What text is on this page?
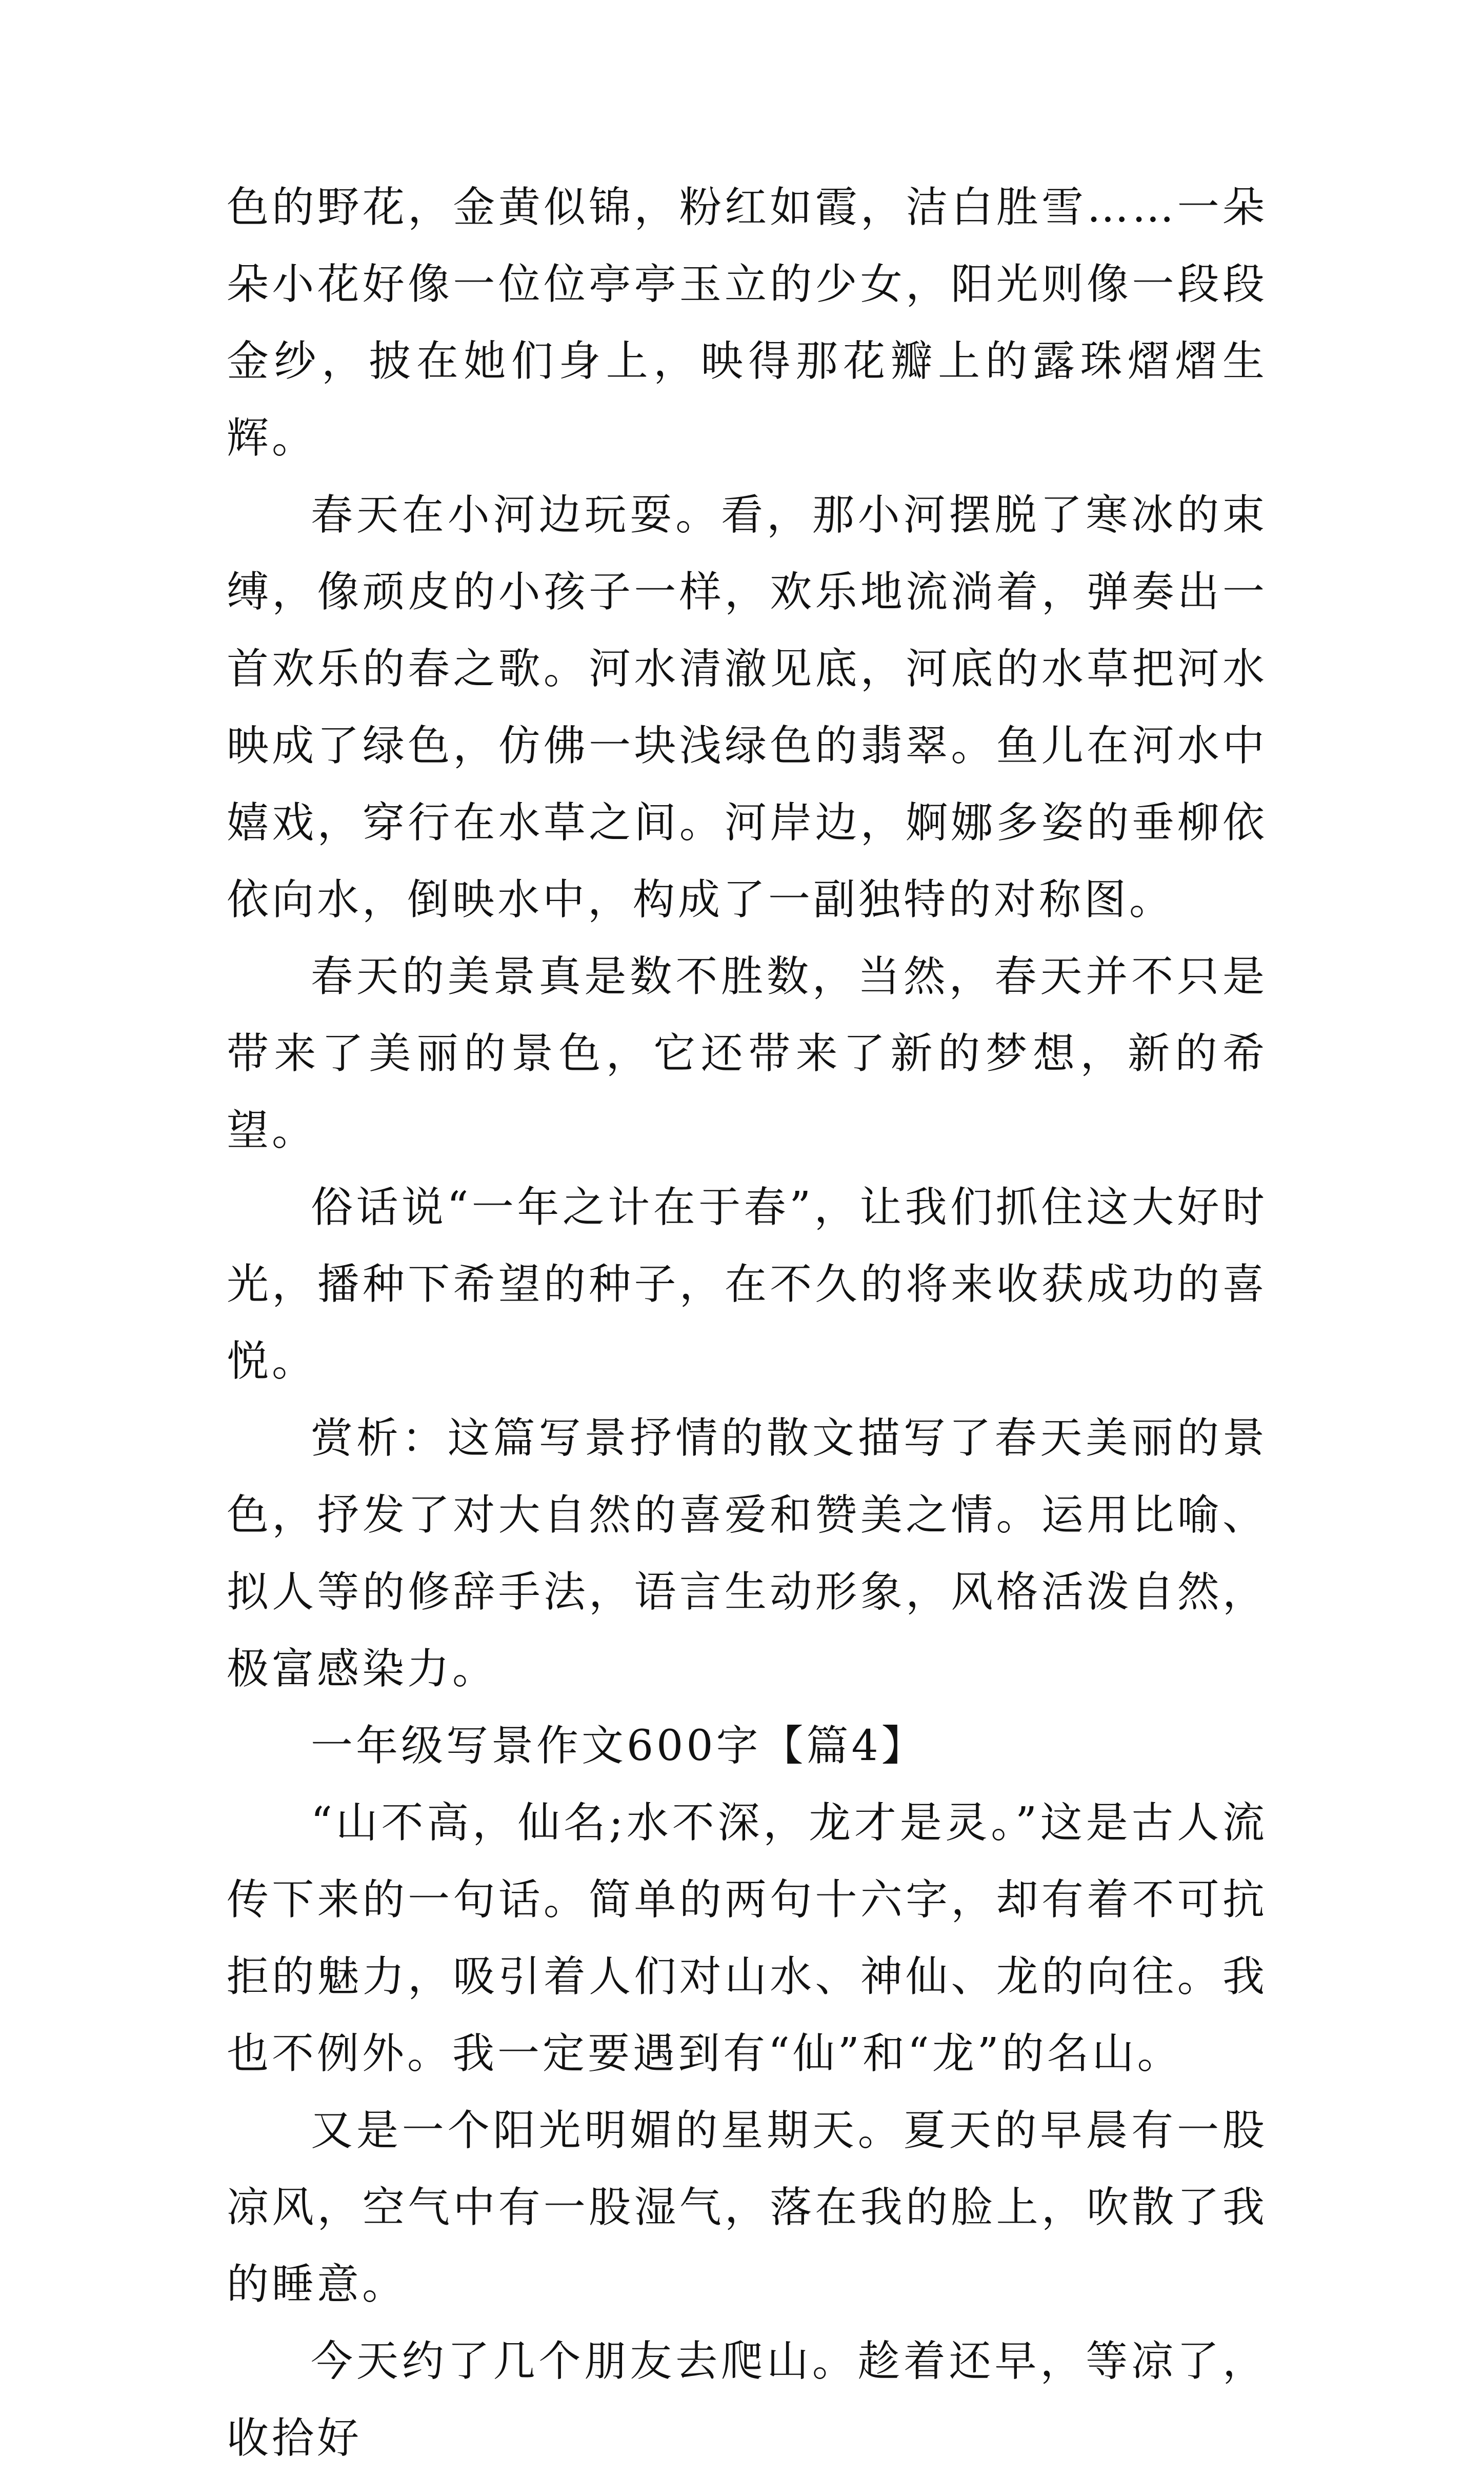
色的野花，金黄似锦，粉红如霞，洁白胜雪……一朵朵小花好像一位位亭亭玉立的少女，阳光则像一段段金纱，披在她们身上，映得那花瓣上的露珠熠熠生辉。

春天在小河边玩耍。看，那小河摆脱了寒冰的束缚，像顽皮的小孩子一样，欢乐地流淌着，弹奏出一首欢乐的春之歌。河水清澈见底，河底的水草把河水映成了绿色，仿佛一块浅绿色的翡翠。鱼儿在河水中嬉戏，穿行在水草之间。河岸边，婀娜多姿的垂柳依依向水，倒映水中，构成了一副独特的对称图。

春天的美景真是数不胜数，当然，春天并不只是带来了美丽的景色，它还带来了新的梦想，新的希望。

俗话说“一年之计在于春”，让我们抓住这大好时光，播种下希望的种子，在不久的将来收获成功的喜悦。

赏析：这篇写景抒情的散文描写了春天美丽的景色，抒发了对大自然的喜爱和赞美之情。运用比喻、拟人等的修辞手法，语言生动形象，风格活泼自然，极富感染力。

一年级写景作文600字【篇4】

“山不高，仙名;水不深，龙才是灵。”这是古人流传下来的一句话。简单的两句十六字，却有着不可抗拒的魅力，吸引着人们对山水、神仙、龙的向往。我也不例外。我一定要遇到有“仙”和“龙”的名山。

又是一个阳光明媚的星期天。夏天的早晨有一股凉风，空气中有一股湿气，落在我的脸上，吹散了我的睡意。

今天约了几个朋友去爬山。趁着还早，等凉了，收拾好
